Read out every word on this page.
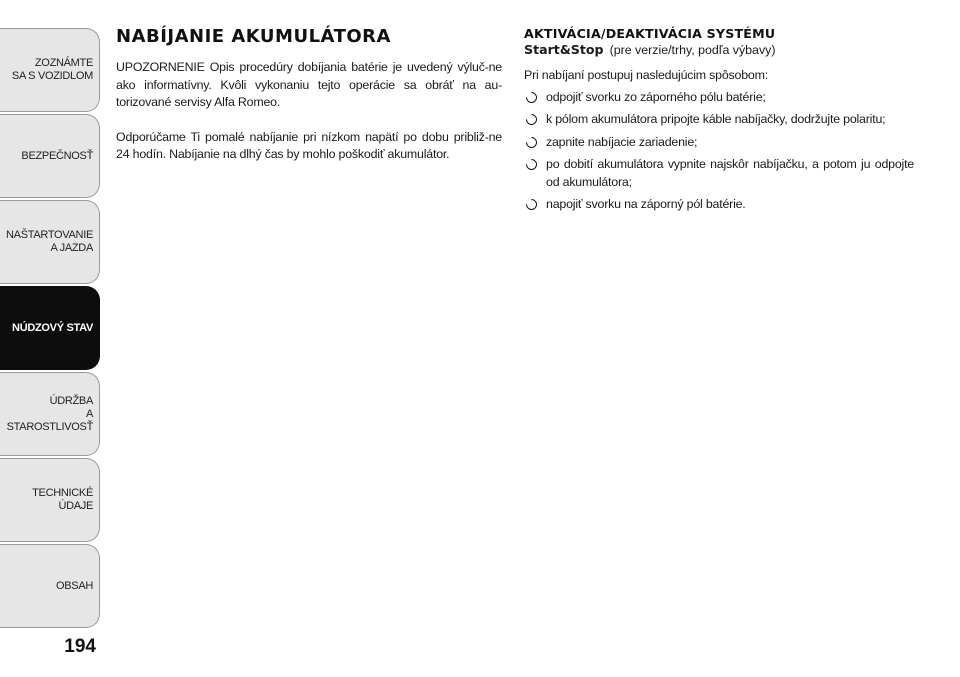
ZOZNÁMTE
SA S VOZIDLOM
BEZPEČNOSŤ
NAŠTARTOVANIE
A JAZDA
NÚDZOVÝ STAV
ÚDRŽBA
A STAROSTLIVOSŤ
TECHNICKÉ
ÚDAJE
OBSAH
194
NABÍJANIE AKUMULÁTORA

UPOZORNENIE Opis procedúry dobíjania batérie je uvedený výluč-ne ako informatívny. Kvôli vykonaniu tejto operácie sa obráť na au-torizované servisy Alfa Romeo.

Odporúčame Ti pomalé nabíjanie pri nízkom napätí po dobu približ-ne 24 hodín. Nabíjanie na dlhý čas by mohlo poškodiť akumulátor.

AKTIVÁCIA/DEAKTIVÁCIA SYSTÉMU
Start&Stop (pre verzie/trhy, podľa výbavy)

Pri nabíjaní postupuj nasledujúcim spôsobom:

odpojiť svorku zo záporného pólu batérie;
k pólom akumulátora pripojte káble nabíjačky, dodržujte polaritu;
zapnite nabíjacie zariadenie;
po dobití akumulátora vypnite najskôr nabíjačku, a potom ju odpojte od akumulátora;
napojiť svorku na záporný pól batérie.
